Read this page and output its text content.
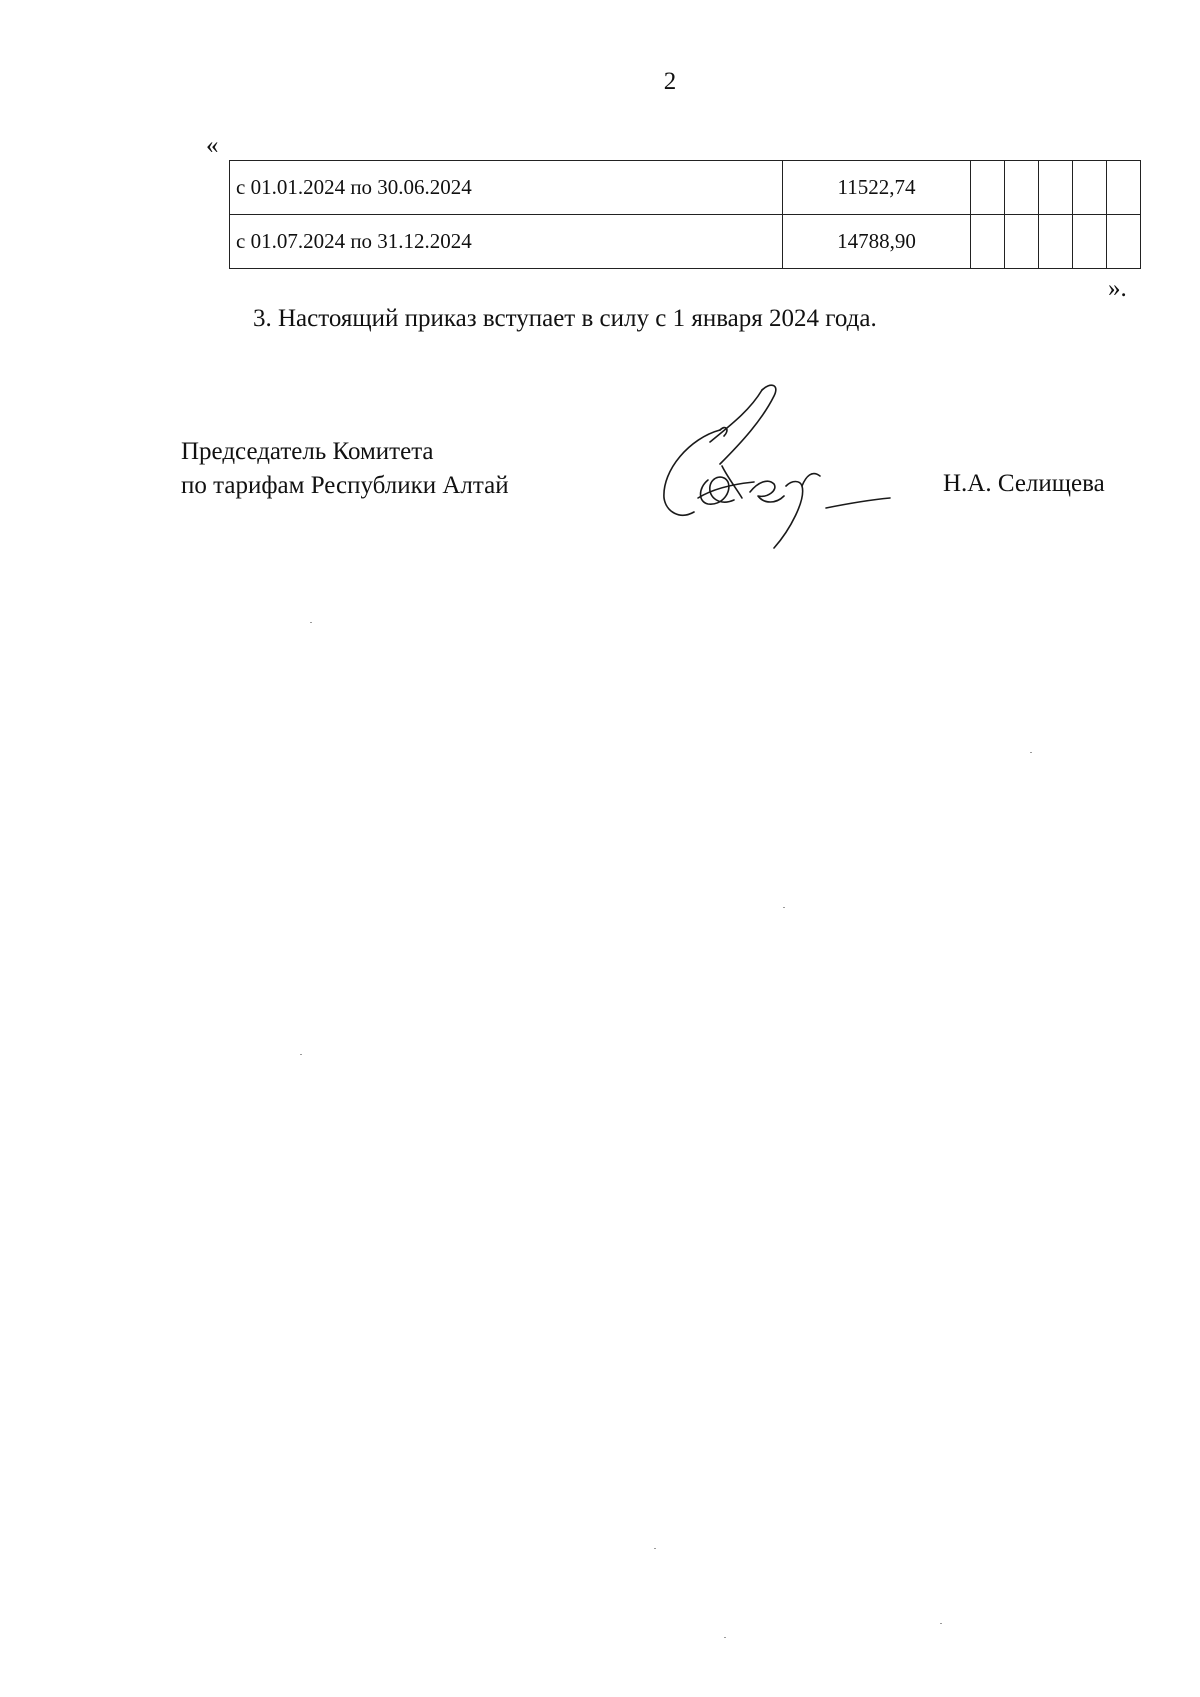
2
«
с 01.01.2024 по 30.06.2024	11522,74					
с 01.07.2024 по 31.12.2024	14788,90					
».
3. Настоящий приказ вступает в силу с 1 января 2024 года.
Председатель Комитета
по тарифам Республики Алтай	Н.А. Селищева
